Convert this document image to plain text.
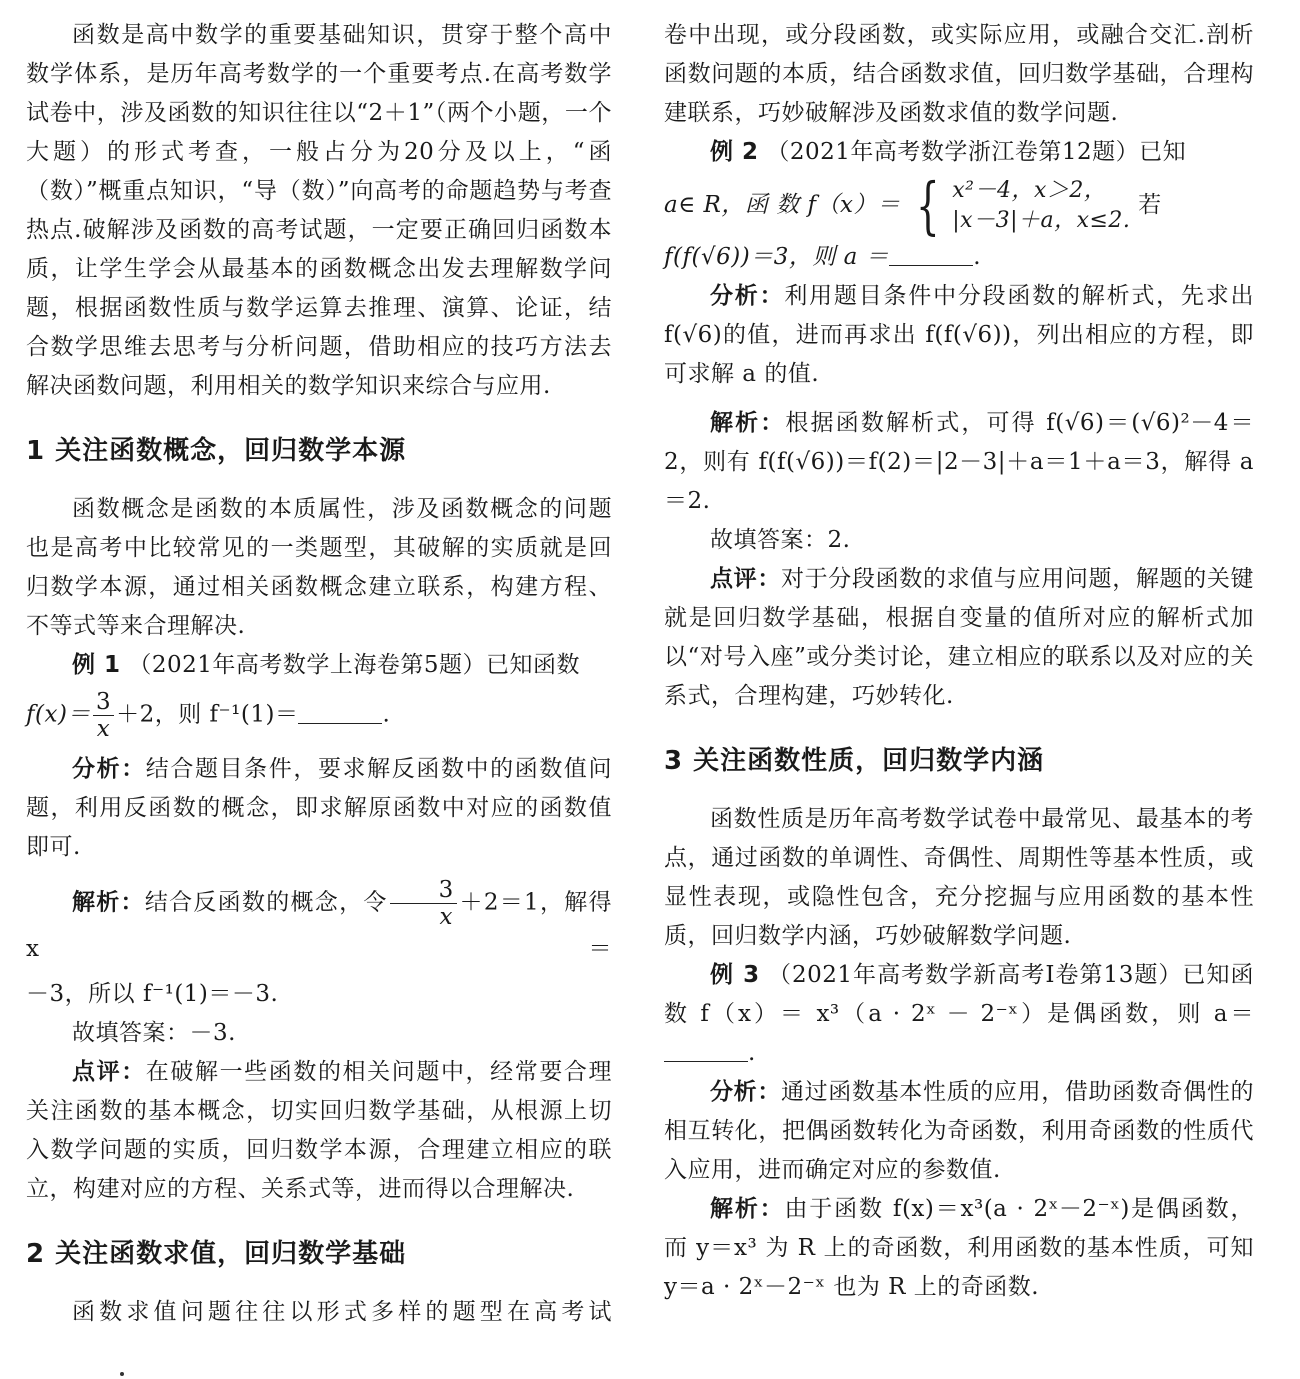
函数是高中数学的重要基础知识，贯穿于整个高中数学体系，是历年高考数学的一个重要考点.在高考数学试卷中，涉及函数的知识往往以“2＋1”（两个小题，一个大题）的形式考查，一般占分为20分及以上，“函（数）”概重点知识，“导（数）”向高考的命题趋势与考查热点.破解涉及函数的高考试题，一定要正确回归函数本质，让学生学会从最基本的函数概念出发去理解数学问题，根据函数性质与数学运算去推理、演算、论证，结合数学思维去思考与分析问题，借助相应的技巧方法去解决函数问题，利用相关的数学知识来综合与应用.

1 关注函数概念，回归数学本源

函数概念是函数的本质属性，涉及函数概念的问题也是高考中比较常见的一类题型，其破解的实质就是回归数学本源，通过相关函数概念建立联系，构建方程、不等式等来合理解决.

例 1 （2021年高考数学上海卷第5题）已知函数

$f(x)= \frac{3}{x} +2$，则 f⁻¹(1)＝	.

分析：结合题目条件，要求解反函数中的函数值问题，利用反函数的概念，即求解原函数中对应的函数值即可.

解析：结合反函数的概念，令 $\frac{3}{x} +2=1$，解得 x＝

－3，所以 f⁻¹(1)＝－3.

故填答案：－3.

点评：在破解一些函数的相关问题中，经常要合理关注函数的基本概念，切实回归数学基础，从根源上切入数学问题的实质，回归数学本源，合理建立相应的联立，构建对应的方程、关系式等，进而得以合理解决.

2 关注函数求值，回归数学基础

函数求值问题往往以形式多样的题型在高考试

卷中出现，或分段函数，或实际应用，或融合交汇.剖析函数问题的本质，结合函数求值，回归数学基础，合理构建联系，巧妙破解涉及函数求值的数学问题.

例 2 （2021年高考数学浙江卷第12题）已知

a∈ R，函 数 f（x）＝ { x²－4，x＞2，
|x－3|＋a，x≤2.
若

f(f(√6))＝3，则 a ＝	.

分析：利用题目条件中分段函数的解析式，先求出 f(√6)的值，进而再求出 f(f(√6))，列出相应的方程，即可求解 a 的值.

解析：根据函数解析式，可得 f(√6)＝(√6)²－4＝2，则有 f(f(√6))＝f(2)＝|2－3|＋a＝1＋a＝3，解得 a＝2.

故填答案：2.

点评：对于分段函数的求值与应用问题，解题的关键就是回归数学基础，根据自变量的值所对应的解析式加以“对号入座”或分类讨论，建立相应的联系以及对应的关系式，合理构建，巧妙转化.

3 关注函数性质，回归数学内涵

函数性质是历年高考数学试卷中最常见、最基本的考点，通过函数的单调性、奇偶性、周期性等基本性质，或显性表现，或隐性包含，充分挖掘与应用函数的基本性质，回归数学内涵，巧妙破解数学问题.

例 3 （2021年高考数学新高考Ⅰ卷第13题）已知函数 f（x）＝ x³（a · 2ˣ － 2⁻ˣ）是偶函数，则 a＝.

分析：通过函数基本性质的应用，借助函数奇偶性的相互转化，把偶函数转化为奇函数，利用奇函数的性质代入应用，进而确定对应的参数值.

解析：由于函数 f(x)＝x³(a · 2ˣ－2⁻ˣ)是偶函数，而 y＝x³ 为 R 上的奇函数，利用函数的基本性质，可知 y＝a · 2ˣ－2⁻ˣ 也为 R 上的奇函数.
